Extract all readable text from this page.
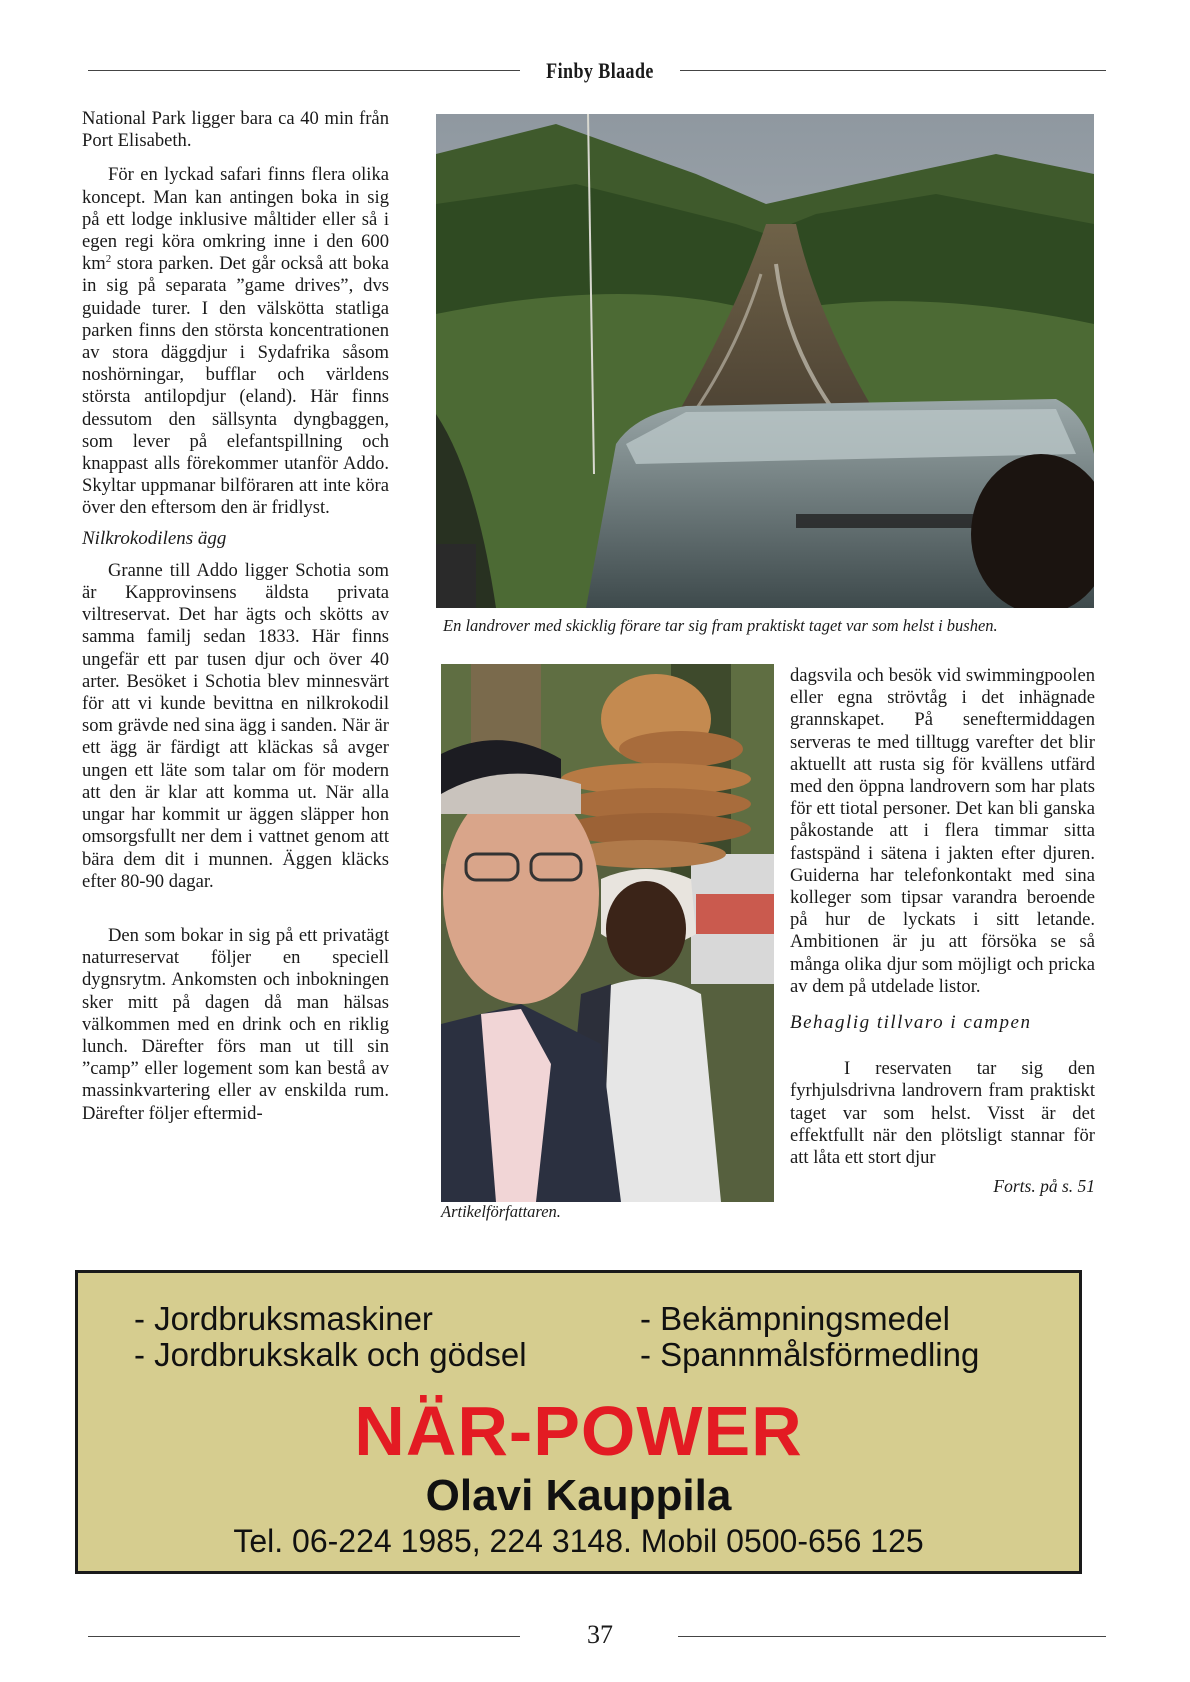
Finby Blaade

National Park ligger bara ca 40 min från Port Elisabeth.

För en lyckad safari finns flera olika koncept. Man kan antingen boka in sig på ett lodge inklusive måltider eller så i egen regi köra omkring inne i den 600 $km^2$ stora parken. Det går också att boka in sig på separata ”game drives”, dvs guidade turer. I den välskötta statliga parken finns den största koncentrationen av stora däggdjur i Sydafrika såsom noshörningar, bufflar och världens största antilopdjur (eland). Här finns dessutom den sällsynta dyngbaggen, som lever på elefantspillning och knappast alls förekommer utanför Addo. Skyltar uppmanar bilföraren att inte köra över den eftersom den är fridlyst.

Nilkrokodilens ägg

Granne till Addo ligger Schotia som är Kapprovinsens äldsta privata viltreservat. Det har ägts och skötts av samma familj sedan 1833. Här finns ungefär ett par tusen djur och över 40 arter. Besöket i Schotia blev minnesvärt för att vi kunde bevittna en nilkrokodil som grävde ned sina ägg i sanden. När är ett ägg är färdigt att kläckas så avger ungen ett läte som talar om för modern att den är klar att komma ut. När alla ungar har kommit ur äggen släpper hon omsorgsfullt ner dem i vattnet genom att bära dem dit i munnen. Äggen kläcks efter 80-90 dagar.

Den som bokar in sig på ett privatägt naturreservat följer en speciell dygnsrytm. Ankomsten och inbokningen sker mitt på dagen då man hälsas välkommen med en drink och en riklig lunch. Därefter förs man ut till sin ”camp” eller logement som kan bestå av massinkvartering eller av enskilda rum. Därefter följer eftermid-

En landrover med skicklig förare tar sig fram praktiskt taget var som helst i bushen.
Artikelförfattaren.

dagsvila och besök vid swimmingpoolen eller egna strövtåg i det inhägnade grannskapet. På seneftermiddagen serveras te med tilltugg varefter det blir aktuellt att rusta sig för kvällens utfärd med den öppna landrovern som har plats för ett tiotal personer. Det kan bli ganska påkostande att i flera timmar sitta fastspänd i sätena i jakten efter djuren. Guiderna har telefonkontakt med sina kolleger som tipsar varandra beroende på hur de lyckats i sitt letande. Ambitionen är ju att försöka se så många olika djur som möjligt och pricka av dem på utdelade listor.

Behaglig tillvaro i campen

I reservaten tar sig den fyrhjulsdrivna landrovern fram praktiskt taget var som helst. Visst är det effektfullt när den plötsligt stannar för att låta ett stort djur

Forts. på s. 51

- Jordbruksmaskiner
- Jordbrukskalk och gödsel
- Bekämpningsmedel
- Spannmålsförmedling
NÄR-POWER
Olavi Kauppila
Tel. 06-224 1985, 224 3148. Mobil 0500-656 125
37
